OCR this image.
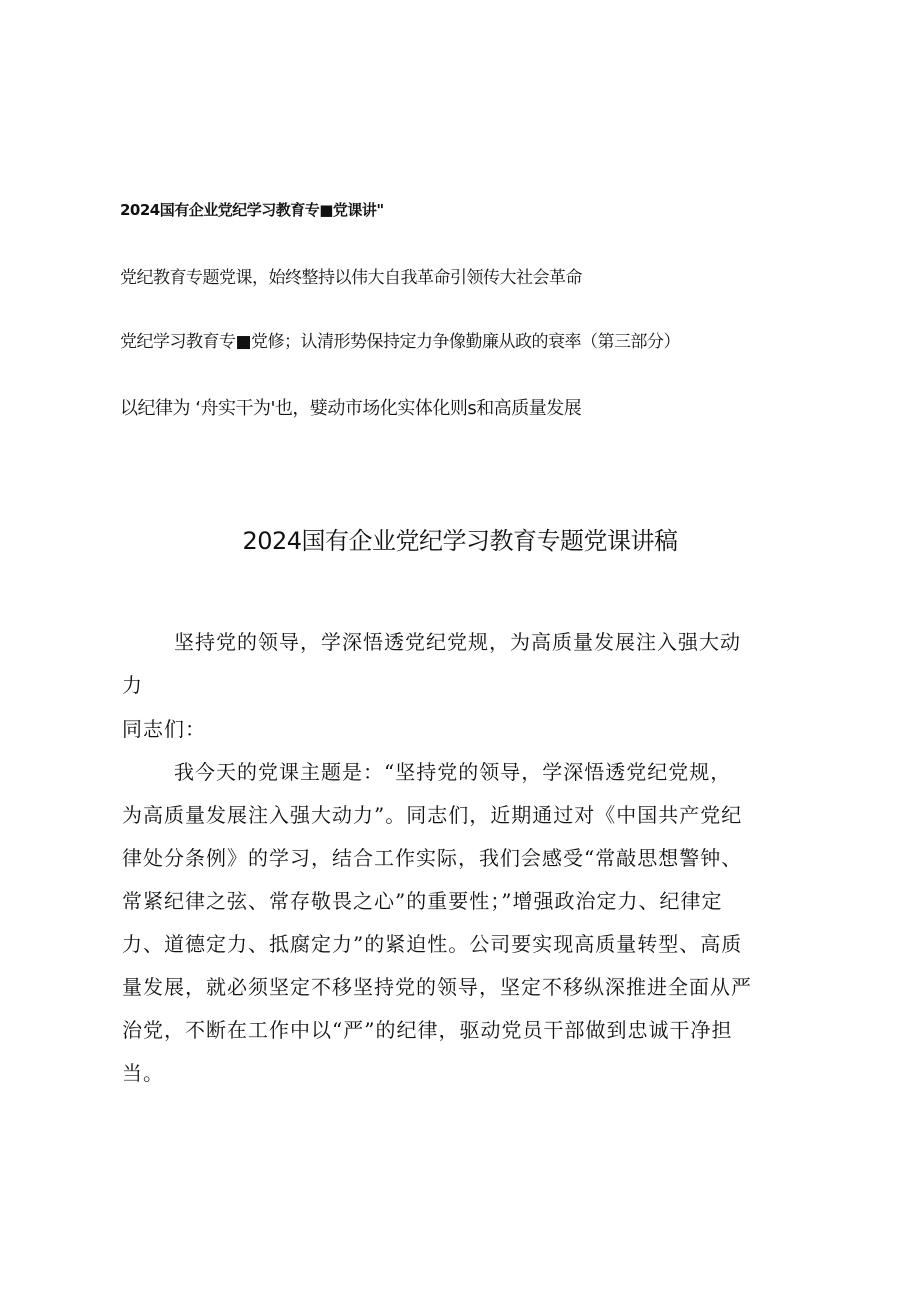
2024国有企业党纪学习教育专■党课讲"
党纪教育专题党课，始终整持以伟大自我革命引领传大社会革命
党纪学习教育专■党修；认清形势保持定力争像勤廉从政的衰率（第三部分）
以纪律为 ‘舟实干为'也，嬖动市场化实体化则s和高质量发展
2024国有企业党纪学习教育专题党课讲稿
坚持党的领导，学深悟透党纪党规，为高质量发展注入强大动
力
同志们：
我今天的党课主题是：“坚持党的领导，学深悟透党纪党规，
为高质量发展注入强大动力”。同志们，近期通过对《中国共产党纪
律处分条例》的学习，结合工作实际，我们会感受“常敲思想警钟、
常紧纪律之弦、常存敬畏之心”的重要性；”增强政治定力、纪律定
力、道德定力、抵腐定力”的紧迫性。公司要实现高质量转型、高质
量发展，就必须坚定不移坚持党的领导，坚定不移纵深推进全面从严
治党，不断在工作中以“严”的纪律，驱动党员干部做到忠诚干净担
当。
